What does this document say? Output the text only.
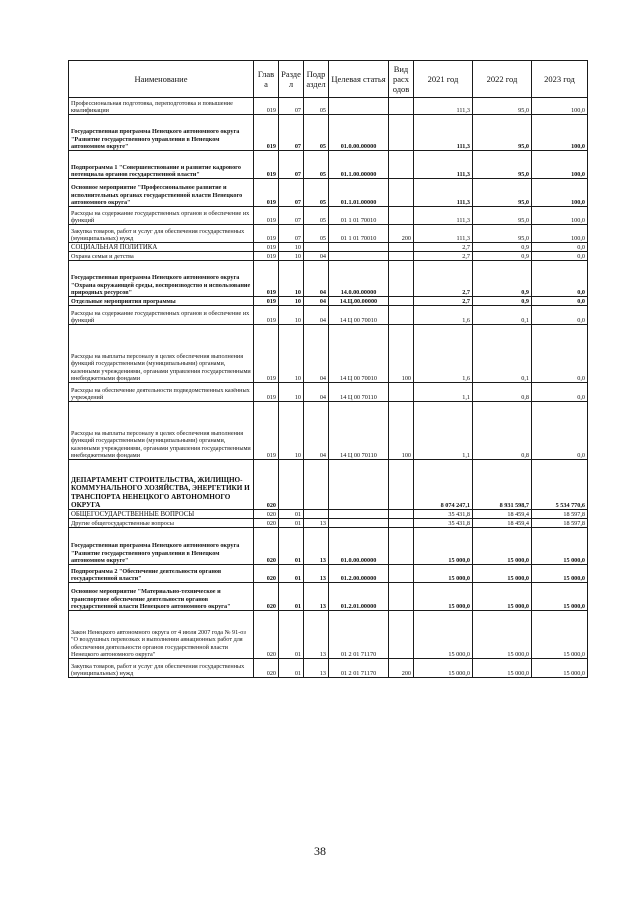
Наименование	Глав а	Разде л	Подр аздел	Целевая статья	Вид расх одов	2021 год	2022 год	2023 год
Профессиональная подготовка, переподготовка и повышение квалификации	019	07	05			111,3	95,0	100,0
Государственная программа Ненецкого автономного округа "Развитие государственного управления в Ненецком автономном округе"	019	07	05	01.0.00.00000		111,3	95,0	100,0
Подпрограмма 1 "Совершенствование и развитие кадрового потенциала органов государственной власти"	019	07	05	01.1.00.00000		111,3	95,0	100,0
Основное мероприятие "Профессиональное развитие и исполнительных органах государственной власти Ненецкого автономного округа"	019	07	05	01.1.01.00000		111,3	95,0	100,0
Расходы на содержание государственных органов и обеспечение их функций	019	07	05	01 1 01 70010		111,3	95,0	100,0
Закупка товаров, работ и услуг для обеспечения государственных (муниципальных) нужд	019	07	05	01 1 01 70010	200	111,3	95,0	100,0
СОЦИАЛЬНАЯ ПОЛИТИКА	019	10				2,7	0,9	0,0
Охрана семьи и детства	019	10	04			2,7	0,9	0,0
Государственная программа Ненецкого автономного округа "Охрана окружающей среды, воспроизводство и использование природных ресурсов"	019	10	04	14.0.00.00000		2,7	0,9	0,0
Отдельные мероприятия программы	019	10	04	14.Ц.00.00000		2,7	0,9	0,0
Расходы на содержание государственных органов и обеспечение их функций	019	10	04	14 Ц 00 70010		1,6	0,1	0,0
Расходы на выплаты персоналу в целях обеспечения выполнения функций государственными (муниципальными) органами, казенными учреждениями, органами управления государственными внебюджетными фондами	019	10	04	14 Ц 00 70010	100	1,6	0,1	0,0
Расходы на обеспечение деятельности подведомственных казённых учреждений	019	10	04	14 Ц 00 70110		1,1	0,8	0,0
Расходы на выплаты персоналу в целях обеспечения выполнения функций государственными (муниципальными) органами, казенными учреждениями, органами управления государственными внебюджетными фондами	019	10	04	14 Ц 00 70110	100	1,1	0,8	0,0
ДЕПАРТАМЕНТ СТРОИТЕЛЬСТВА, ЖИЛИЩНО-КОММУНАЛЬНОГО ХОЗЯЙСТВА, ЭНЕРГЕТИКИ И ТРАНСПОРТА НЕНЕЦКОГО АВТОНОМНОГО ОКРУГА	020					8 074 247,1	8 931 598,7	5 534 770,6
ОБЩЕГОСУДАРСТВЕННЫЕ ВОПРОСЫ	020	01				35 431,8	18 459,4	18 597,8
Другие общегосударственные вопросы	020	01	13			35 431,8	18 459,4	18 597,8
Государственная программа Ненецкого автономного округа "Развитие государственного управления в Ненецком автономном округе"	020	01	13	01.0.00.00000		15 000,0	15 000,0	15 000,0
Подпрограмма 2 "Обеспечение деятельности органов государственной власти"	020	01	13	01.2.00.00000		15 000,0	15 000,0	15 000,0
Основное мероприятие "Материально-техническое и транспортное обеспечение деятельности органов государственной власти Ненецкого автономного округа"	020	01	13	01.2.01.00000		15 000,0	15 000,0	15 000,0
Закон Ненецкого автономного округа от 4 июля 2007 года № 91-оз "О воздушных перевозках и выполнении авиационных работ для обеспечения деятельности органов государственной власти Ненецкого автономного округа"	020	01	13	01 2 01 71170		15 000,0	15 000,0	15 000,0
Закупка товаров, работ и услуг для обеспечения государственных (муниципальных) нужд	020	01	13	01 2 01 71170	200	15 000,0	15 000,0	15 000,0
38
